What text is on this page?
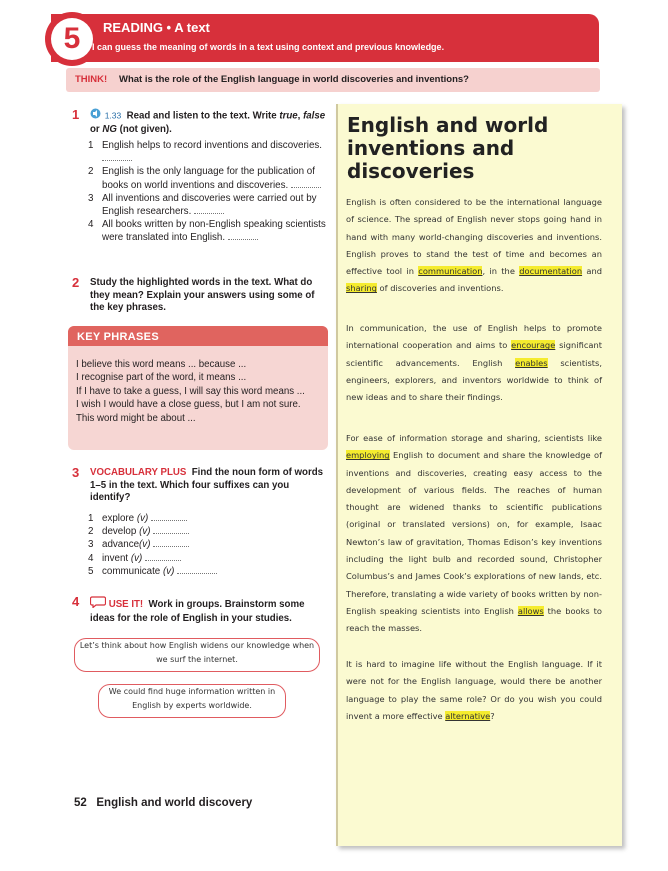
5	READING • A text
I can guess the meaning of words in a text using context and previous knowledge.
THINK! What is the role of the English language in world discoveries and inventions?
1	1.33 Read and listen to the text. Write true, false or NG (not given).
1 English helps to record inventions and discoveries.
2 English is the only language for the publication of books on world inventions and discoveries.
3 All inventions and discoveries were carried out by English researchers.
4 All books written by non-English speaking scientists were translated into English.
2 Study the highlighted words in the text. What do they mean? Explain your answers using some of the key phrases.
KEY PHRASES
I believe this word means ... because ...
I recognise part of the word, it means ...
If I have to take a guess, I will say this word means ...
I wish I would have a close guess, but I am not sure. This word might be about ...
3 VOCABULARY PLUS Find the noun form of words 1–5 in the text. Which four suffixes can you identify?
1 explore (v)
2 develop (v)
3 advance(v)
4 invent (v)
5 communicate (v)
4	USE IT! Work in groups. Brainstorm some ideas for the role of English in your studies.
Let’s think about how English widens our knowledge when we surf the internet.
We could find huge information written in English by experts worldwide.
52 English and world discovery
English and world inventions and discoveries
English is often considered to be the international language of science. The spread of English never stops going hand in hand with many world-changing discoveries and inventions. English proves to stand the test of time and becomes an effective tool in communication, in the documentation and sharing of discoveries and inventions.
In communication, the use of English helps to promote international cooperation and aims to encourage significant scientific advancements. English enables scientists, engineers, explorers, and inventors worldwide to think of new ideas and to share their findings.
For ease of information storage and sharing, scientists like employing English to document and share the knowledge of inventions and discoveries, creating easy access to the development of various fields. The reaches of human thought are widened thanks to scientific publications (original or translated versions) on, for example, Isaac Newton’s law of gravitation, Thomas Edison’s key inventions including the light bulb and recorded sound, Christopher Columbus’s and James Cook’s explorations of new lands, etc. Therefore, translating a wide variety of books written by non-English speaking scientists into English allows the books to reach the masses.
It is hard to imagine life without the English language. If it were not for the English language, would there be another language to play the same role? Or do you wish you could invent a more effective alternative?
